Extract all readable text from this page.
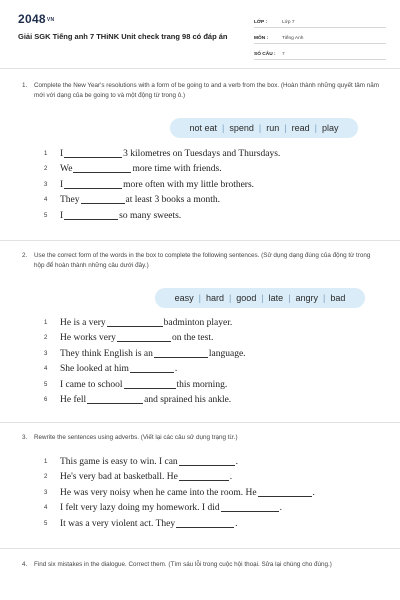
2048VN
Giải SGK Tiếng anh 7 THiNK Unit check trang 98 có đáp án
LỚP :	Lớp 7
MÔN :	Tiếng Anh
SỐ CÂU :	7
1. Complete the New Year's resolutions with a form of be going to and a verb from the box. (Hoàn thành những quyết tâm năm mới với dạng của be going to và một động từ trong ô.)
not eat | spend | run | read | play
1	I	3 kilometres on Tuesdays and Thursdays.
2	We	more time with friends.
3	I	more often with my little brothers.
4	They	at least 3 books a month.
5	I	so many sweets.
2. Use the correct form of the words in the box to complete the following sentences. (Sử dụng dạng đúng của động từ trong hộp để hoàn thành những câu dưới đây.)
easy | hard | good | late | angry | bad
1	He is a very	badminton player.
2	He works very	on the test.
3	They think English is an	language.
4	She looked at him	.
5	I came to school	this morning.
6	He fell	and sprained his ankle.
3. Rewrite the sentences using adverbs. (Viết lại các câu sử dụng trạng từ.)
1	This game is easy to win. I can	.
2	He's very bad at basketball. He	.
3	He was very noisy when he came into the room. He	.
4	I felt very lazy doing my homework. I did	.
5	It was a very violent act. They	.
4. Find six mistakes in the dialogue. Correct them. (Tìm sáu lỗi trong cuộc hội thoại. Sửa lại chúng cho đúng.)
